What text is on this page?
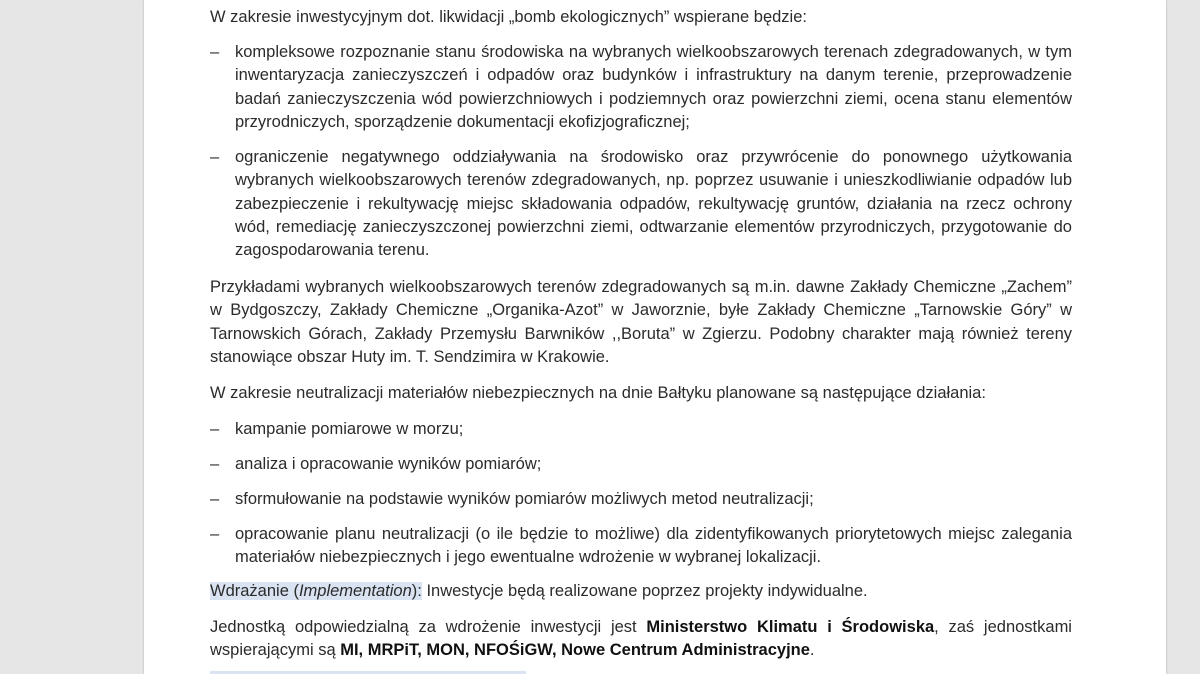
W zakresie inwestycyjnym dot. likwidacji „bomb ekologicznych” wspierane będzie:

– kompleksowe rozpoznanie stanu środowiska na wybranych wielkoobszarowych terenach zdegradowanych, w tym inwentaryzacja zanieczyszczeń i odpadów oraz budynków i infrastruktury na danym terenie, przeprowadzenie badań zanieczyszczenia wód powierzchniowych i podziemnych oraz powierzchni ziemi, ocena stanu elementów przyrodniczych, sporządzenie dokumentacji ekofizjograficznej;

– ograniczenie negatywnego oddziaływania na środowisko oraz przywrócenie do ponownego użytkowania wybranych wielkoobszarowych terenów zdegradowanych, np. poprzez usuwanie i unieszkodliwianie odpadów lub zabezpieczenie i rekultywację miejsc składowania odpadów, rekultywację gruntów, działania na rzecz ochrony wód, remediację zanieczyszczonej powierzchni ziemi, odtwarzanie elementów przyrodniczych, przygotowanie do zagospodarowania terenu.

Przykładami wybranych wielkoobszarowych terenów zdegradowanych są m.in. dawne Zakłady Chemiczne „Zachem” w Bydgoszczy, Zakłady Chemiczne „Organika-Azot” w Jaworznie, byłe Zakłady Chemiczne „Tarnowskie Góry” w Tarnowskich Górach, Zakłady Przemysłu Barwników ,,Boruta” w Zgierzu. Podobny charakter mają również tereny stanowiące obszar Huty im. T. Sendzimira w Krakowie.

W zakresie neutralizacji materiałów niebezpiecznych na dnie Bałtyku planowane są następujące działania:

– kampanie pomiarowe w morzu;

– analiza i opracowanie wyników pomiarów;

– sformułowanie na podstawie wyników pomiarów możliwych metod neutralizacji;

– opracowanie planu neutralizacji (o ile będzie to możliwe) dla zidentyfikowanych priorytetowych miejsc zalegania materiałów niebezpiecznych i jego ewentualne wdrożenie w wybranej lokalizacji.

Wdrażanie (Implementation): Inwestycje będą realizowane poprzez projekty indywidualne.

Jednostką odpowiedzialną za wdrożenie inwestycji jest Ministerstwo Klimatu i Środowiska, zaś jednostkami wspierającymi są MI, MRPiT, MON, NFOŚiGW, Nowe Centrum Administracyjne.
